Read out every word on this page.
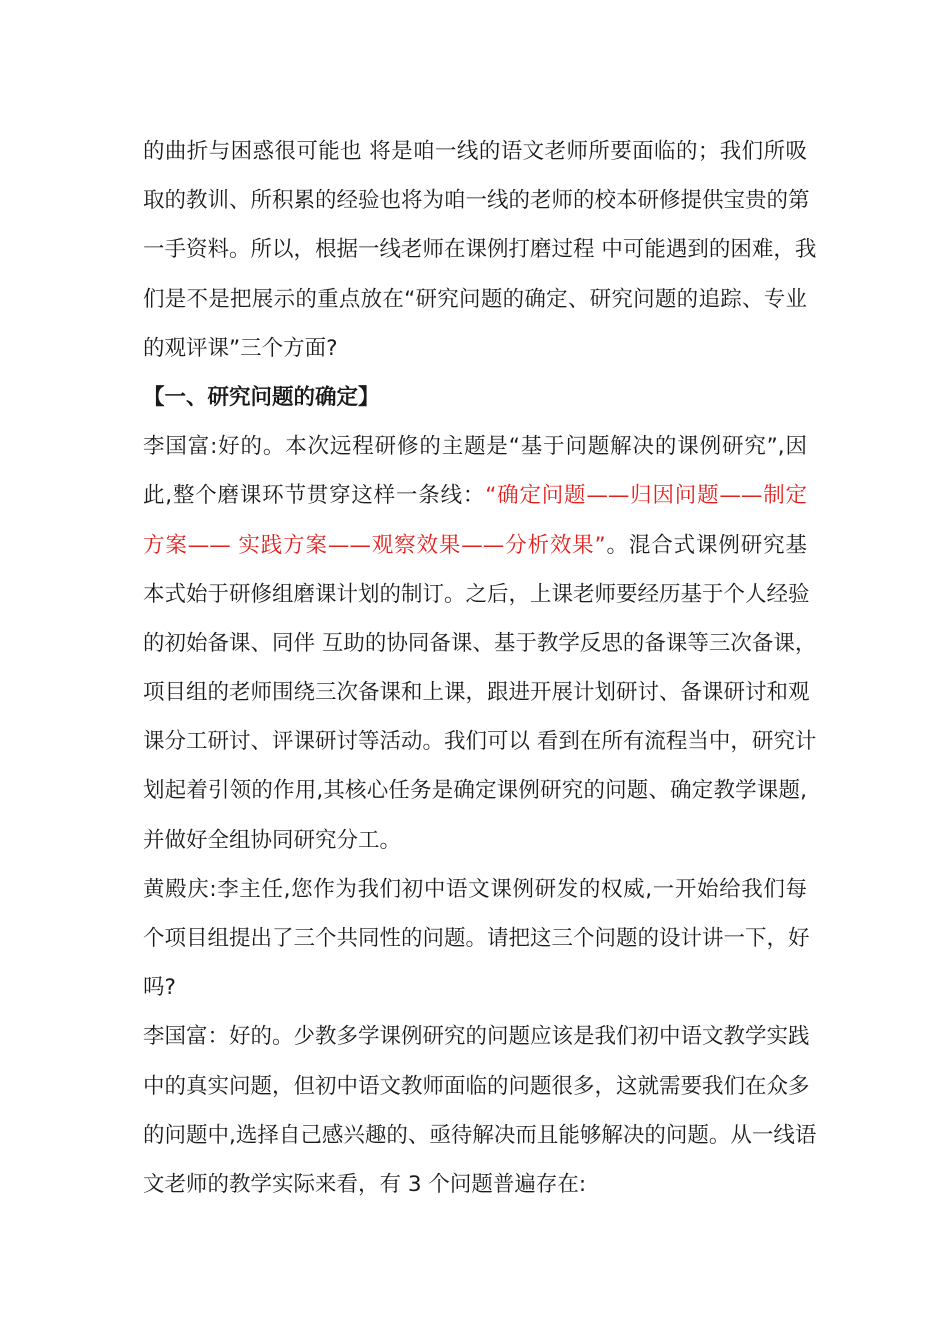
的曲折与困惑很可能也 将是咱一线的语文老师所要面临的；我们所吸
取的教训、所积累的经验也将为咱一线的老师的校本研修提供宝贵的第
一手资料。所以，根据一线老师在课例打磨过程 中可能遇到的困难，我
们是不是把展示的重点放在“研究问题的确定、研究问题的追踪、专业
的观评课”三个方面?
【一、研究问题的确定】
李国富:好的。本次远程研修的主题是“基于问题解决的课例研究”,因
此,整个磨课环节贯穿这样一条线：“确定问题——归因问题——制定
方案—— 实践方案——观察效果——分析效果”。混合式课例研究基
本式始于研修组磨课计划的制订。之后，上课老师要经历基于个人经验
的初始备课、同伴 互助的协同备课、基于教学反思的备课等三次备课，
项目组的老师围绕三次备课和上课，跟进开展计划研讨、备课研讨和观
课分工研讨、评课研讨等活动。我们可以 看到在所有流程当中，研究计
划起着引领的作用,其核心任务是确定课例研究的问题、确定教学课题,
并做好全组协同研究分工。
黄殿庆:李主任,您作为我们初中语文课例研发的权威,一开始给我们每
个项目组提出了三个共同性的问题。请把这三个问题的设计讲一下，好
吗?
李国富：好的。少教多学课例研究的问题应该是我们初中语文教学实践
中的真实问题，但初中语文教师面临的问题很多，这就需要我们在众多
的问题中,选择自己感兴趣的、亟待解决而且能够解决的问题。从一线语
文老师的教学实际来看，有 3 个问题普遍存在:
